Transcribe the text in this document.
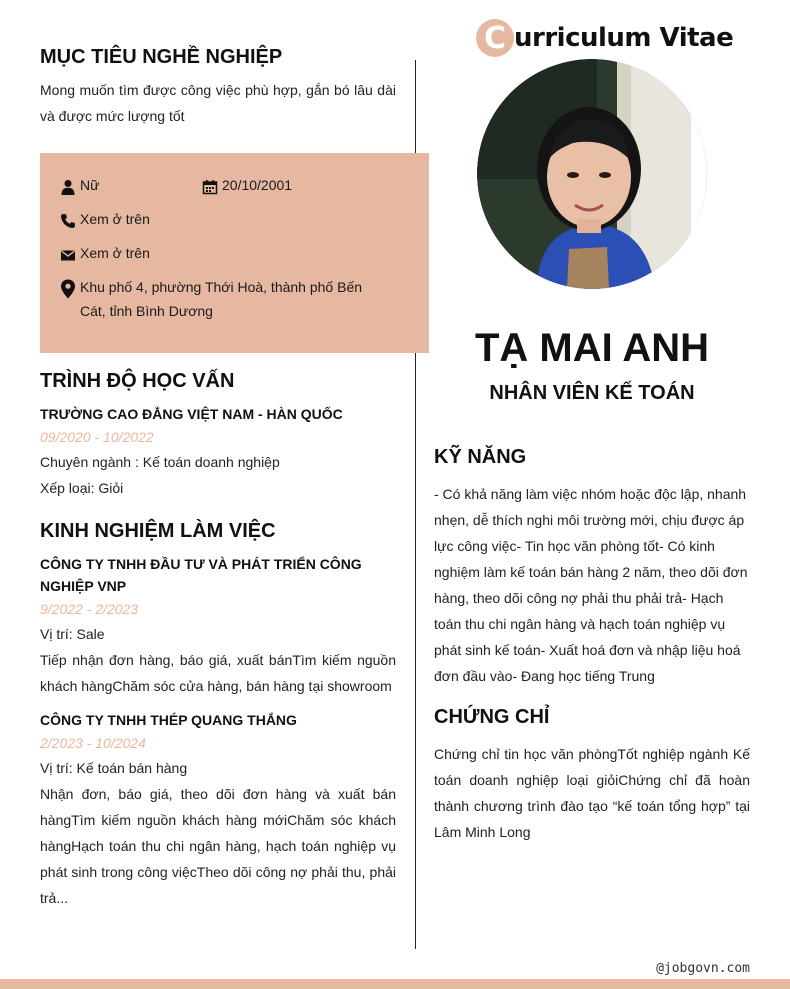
MỤC TIÊU NGHỀ NGHIỆP
Mong muốn tìm được công việc phù hợp, gắn bó lâu dài và được mức lượng tốt
Nữ	20/10/2001
Xem ở trên
Xem ở trên
Khu phố 4, phường Thới Hoà, thành phố Bến Cát, tỉnh Bình Dương
TRÌNH ĐỘ HỌC VẤN
TRƯỜNG CAO ĐẲNG VIỆT NAM - HÀN QUỐC
09/2020 - 10/2022
Chuyên ngành : Kế toán doanh nghiệp
Xếp loại: Giỏi
KINH NGHIỆM LÀM VIỆC
CÔNG TY TNHH ĐẦU TƯ VÀ PHÁT TRIỂN CÔNG NGHIỆP VNP
9/2022 - 2/2023
Vị trí: Sale
Tiếp nhận đơn hàng, báo giá, xuất bánTìm kiếm nguồn khách hàngChăm sóc cửa hàng, bán hàng tại showroom
CÔNG TY TNHH THÉP QUANG THẮNG
2/2023 - 10/2024
Vị trí: Kế toán bán hàng
Nhận đơn, báo giá, theo dõi đơn hàng và xuất bán hàngTìm kiếm nguồn khách hàng mớiChăm sóc khách hàngHạch toán thu chi ngân hàng, hạch toán nghiệp vụ phát sinh trong công việcTheo dõi công nợ phải thu, phải trả...
C urriculum Vitae
TẠ MAI ANH
NHÂN VIÊN KẾ TOÁN
KỸ NĂNG
- Có khả năng làm việc nhóm hoặc độc lập, nhanh nhẹn, dễ thích nghi môi trường mới, chịu được áp lực công việc- Tin học văn phòng tốt- Có kinh nghiệm làm kế toán bán hàng 2 năm, theo dõi đơn hàng, theo dõi công nợ phải thu phải trả- Hạch toán thu chi ngân hàng và hạch toán nghiệp vụ phát sinh kế toán- Xuất hoá đơn và nhập liệu hoá đơn đầu vào- Đang học tiếng Trung
CHỨNG CHỈ
Chứng chỉ tin học văn phòngTốt nghiệp ngành Kế toán doanh nghiệp loại giỏiChứng chỉ đã hoàn thành chương trình đào tạo “kế toán tổng hợp” tại Lâm Minh Long
@jobgovn.com
